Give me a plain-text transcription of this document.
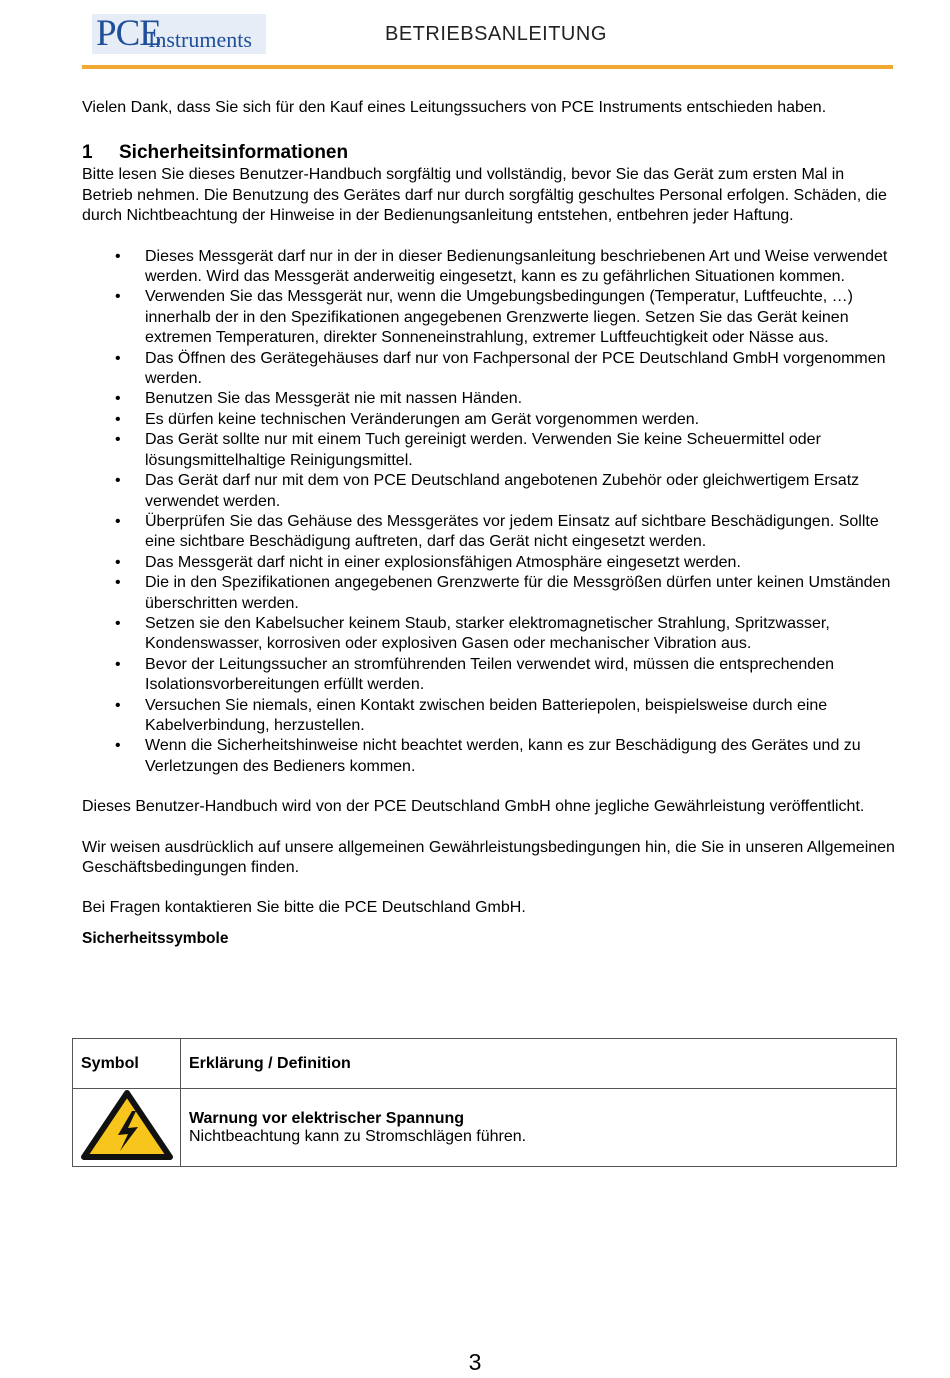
PCE
Instruments	BETRIEBSANLEITUNG

Vielen Dank, dass Sie sich für den Kauf eines Leitungssuchers von PCE Instruments entschieden haben.

1 Sicherheitsinformationen

Bitte lesen Sie dieses Benutzer-Handbuch sorgfältig und vollständig, bevor Sie das Gerät zum ersten Mal in Betrieb nehmen. Die Benutzung des Gerätes darf nur durch sorgfältig geschultes Personal erfolgen. Schäden, die durch Nichtbeachtung der Hinweise in der Bedienungsanleitung entstehen, entbehren jeder Haftung.

• Dieses Messgerät darf nur in der in dieser Bedienungsanleitung beschriebenen Art und Weise verwendet werden. Wird das Messgerät anderweitig eingesetzt, kann es zu gefährlichen Situationen kommen.
• Verwenden Sie das Messgerät nur, wenn die Umgebungsbedingungen (Temperatur, Luftfeuchte, …) innerhalb der in den Spezifikationen angegebenen Grenzwerte liegen. Setzen Sie das Gerät keinen extremen Temperaturen, direkter Sonneneinstrahlung, extremer Luftfeuchtigkeit oder Nässe aus.
• Das Öffnen des Gerätegehäuses darf nur von Fachpersonal der PCE Deutschland GmbH vorgenommen werden.
• Benutzen Sie das Messgerät nie mit nassen Händen.
• Es dürfen keine technischen Veränderungen am Gerät vorgenommen werden.
• Das Gerät sollte nur mit einem Tuch gereinigt werden. Verwenden Sie keine Scheuermittel oder lösungsmittelhaltige Reinigungsmittel.
• Das Gerät darf nur mit dem von PCE Deutschland angebotenen Zubehör oder gleichwertigem Ersatz verwendet werden.
• Überprüfen Sie das Gehäuse des Messgerätes vor jedem Einsatz auf sichtbare Beschädigungen. Sollte eine sichtbare Beschädigung auftreten, darf das Gerät nicht eingesetzt werden.
• Das Messgerät darf nicht in einer explosionsfähigen Atmosphäre eingesetzt werden.
• Die in den Spezifikationen angegebenen Grenzwerte für die Messgrößen dürfen unter keinen Umständen überschritten werden.
• Setzen sie den Kabelsucher keinem Staub, starker elektromagnetischer Strahlung, Spritzwasser, Kondenswasser, korrosiven oder explosiven Gasen oder mechanischer Vibration aus.
• Bevor der Leitungssucher an stromführenden Teilen verwendet wird, müssen die entsprechenden Isolationsvorbereitungen erfüllt werden.
• Versuchen Sie niemals, einen Kontakt zwischen beiden Batteriepolen, beispielsweise durch eine Kabelverbindung, herzustellen.
• Wenn die Sicherheitshinweise nicht beachtet werden, kann es zur Beschädigung des Gerätes und zu Verletzungen des Bedieners kommen.

Dieses Benutzer-Handbuch wird von der PCE Deutschland GmbH ohne jegliche Gewährleistung veröffentlicht.

Wir weisen ausdrücklich auf unsere allgemeinen Gewährleistungsbedingungen hin, die Sie in unseren Allgemeinen Geschäftsbedingungen finden.

Bei Fragen kontaktieren Sie bitte die PCE Deutschland GmbH.

Sicherheitssymbole

Symbol	Erklärung / Definition

Warnung vor elektrischer Spannung
Nichtbeachtung kann zu Stromschlägen führen.
3
